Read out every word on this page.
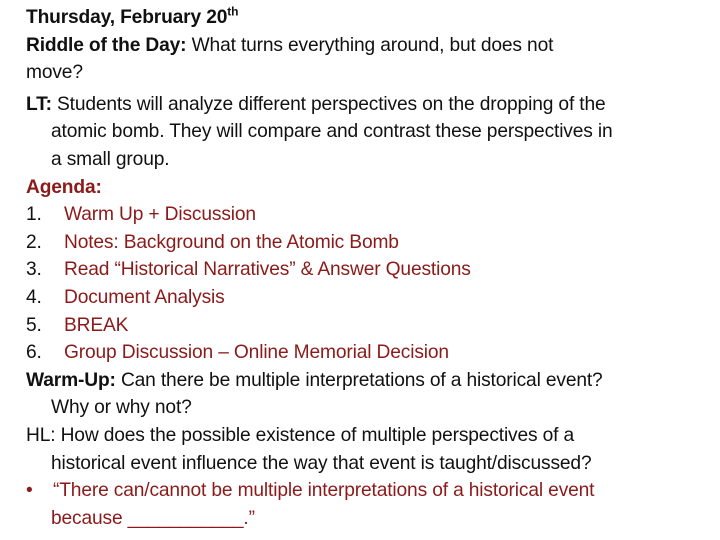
Thursday, February 20th
Riddle of the Day: What turns everything around, but does not
move?
LT: Students will analyze different perspectives on the dropping of the
atomic bomb. They will compare and contrast these perspectives in
a small group.
Agenda:
1.	Warm Up + Discussion
2.	Notes: Background on the Atomic Bomb
3.	Read “Historical Narratives” & Answer Questions
4.	Document Analysis
5.	BREAK
6.	Group Discussion – Online Memorial Decision
Warm-Up: Can there be multiple interpretations of a historical event?
Why or why not?
HL: How does the possible existence of multiple perspectives of a
historical event influence the way that event is taught/discussed?
•	“There can/cannot be multiple interpretations of a historical event
because ___________.”
